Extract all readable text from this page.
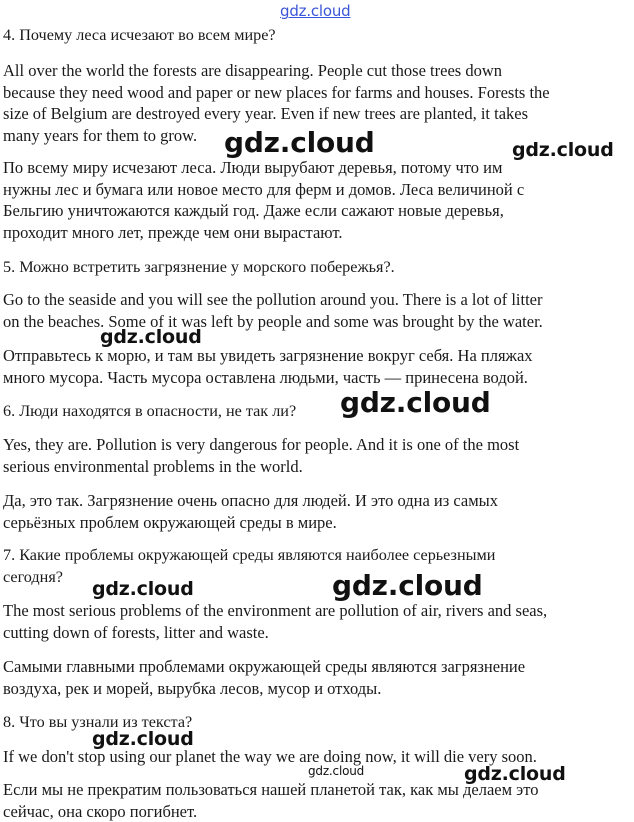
4. Почему леса исчезают во всем мире?

All over the world the forests are disappearing. People cut those trees down
because they need wood and paper or new places for farms and houses. Forests the
size of Belgium are destroyed every year. Even if new trees are planted, it takes
many years for them to grow.

По всему миру исчезают леса. Люди вырубают деревья, потому что им
нужны лес и бумага или новое место для ферм и домов. Леса величиной с
Бельгию уничтожаются каждый год. Даже если сажают новые деревья,
проходит много лет, прежде чем они вырастают.

5. Можно встретить загрязнение у морского побережья?.

Go to the seaside and you will see the pollution around you. There is a lot of litter
on the beaches. Some of it was left by people and some was brought by the water.

Отправьтесь к морю, и там вы увидеть загрязнение вокруг себя. На пляжах
много мусора. Часть мусора оставлена людьми, часть — принесена водой.

6. Люди находятся в опасности, не так ли?

Yes, they are. Pollution is very dangerous for people. And it is one of the most
serious environmental problems in the world.

Да, это так. Загрязнение очень опасно для людей. И это одна из самых
серьёзных проблем окружающей среды в мире.

7. Какие проблемы окружающей среды являются наиболее серьезными
сегодня?

The most serious problems of the environment are pollution of air, rivers and seas,
cutting down of forests, litter and waste.

Самыми главными проблемами окружающей среды являются загрязнение
воздуха, рек и морей, вырубка лесов, мусор и отходы.

8. Что вы узнали из текста?

If we don't stop using our planet the way we are doing now, it will die very soon.

Если мы не прекратим пользоваться нашей планетой так, как мы делаем это
сейчас, она скоро погибнет.

gdz.cloud
gdz.cloud	gdz.cloud
gdz.cloud
gdz.cloud
gdz.cloud	gdz.cloud
gdz.cloud
gdz.cloud	gdz.cloud
